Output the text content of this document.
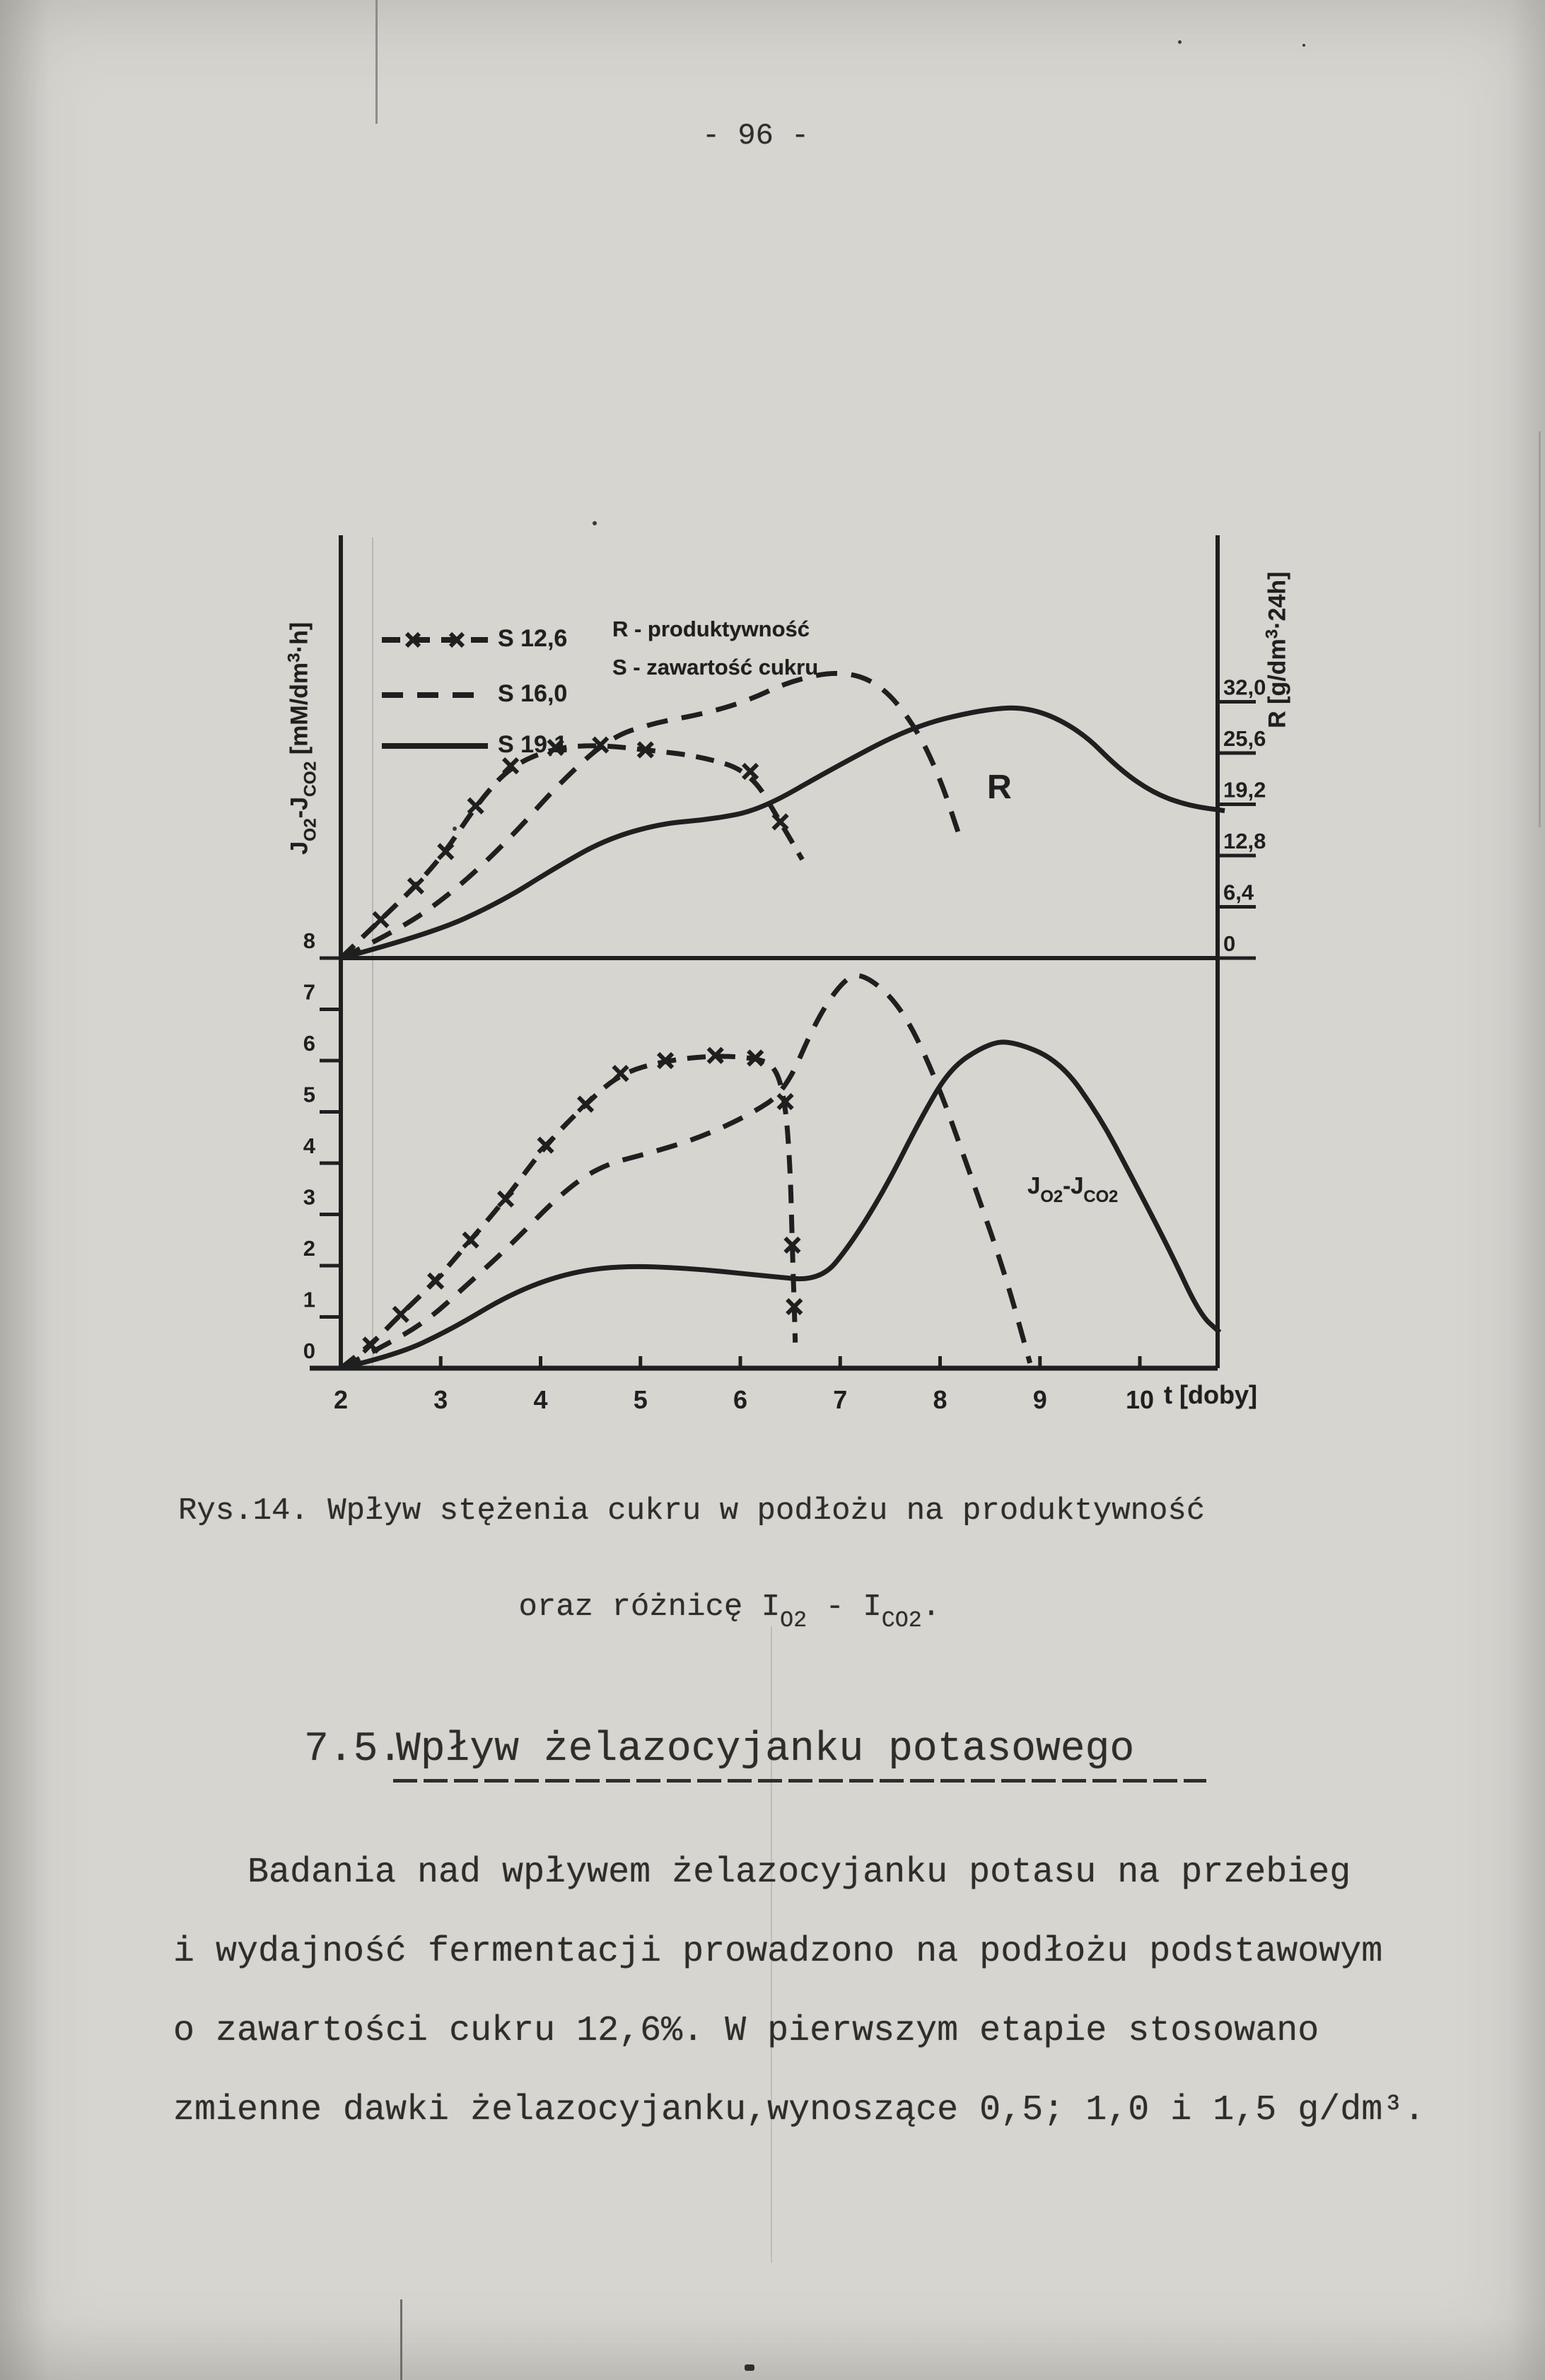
- 96 -
2	3	4	5	6	7	8	9	10
0
1
2
3
4
5
6
7
8	0
6,4
12,8
19,2
25,6
32,0
S 12,6
S 16,0
S 19,1
R - produktywność
S - zawartość cukru
R

$J_{O2}-J_{CO2}$

$J_{O2}-J_{CO2}$ $[mM/dm^3\cdot h]$

R $[g/dm^3\cdot 24h]$

t [doby]
Rys.14. Wpływ stężenia cukru w podłożu na produktywność

oraz różnicę $I_{O2} - I_{CO2}$.

7.5.
Wpływ żelazocyjanku potasowego
Badania nad wpływem żelazocyjanku potasu na przebieg
i wydajność fermentacji prowadzono na podłożu podstawowym
o zawartości cukru 12,6%. W pierwszym etapie stosowano
zmienne dawki żelazocyjanku,wynoszące 0,5; 1,0 i 1,5 g/dm³.
